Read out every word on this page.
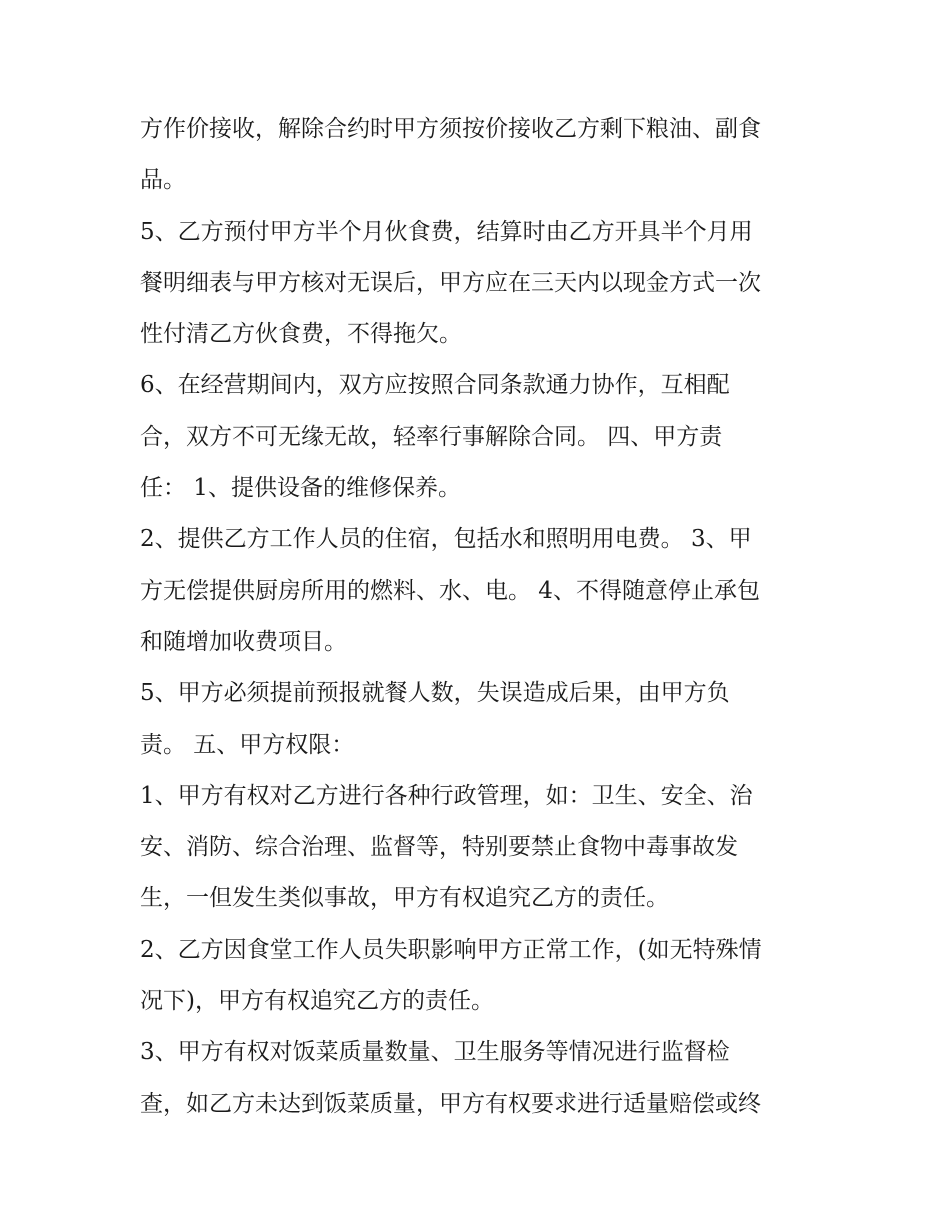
方作价接收，解除合约时甲方须按价接收乙方剩下粮油、副食
品。
5、乙方预付甲方半个月伙食费，结算时由乙方开具半个月用
餐明细表与甲方核对无误后，甲方应在三天内以现金方式一次
性付清乙方伙食费，不得拖欠。
6、在经营期间内，双方应按照合同条款通力协作，互相配
合，双方不可无缘无故，轻率行事解除合同。 四、甲方责
任： 1、提供设备的维修保养。
2、提供乙方工作人员的住宿，包括水和照明用电费。 3、甲
方无偿提供厨房所用的燃料、水、电。 4、不得随意停止承包
和随增加收费项目。
5、甲方必须提前预报就餐人数，失误造成后果，由甲方负
责。 五、甲方权限：
1、甲方有权对乙方进行各种行政管理，如：卫生、安全、治
安、消防、综合治理、监督等，特别要禁止食物中毒事故发
生，一但发生类似事故，甲方有权追究乙方的责任。
2、乙方因食堂工作人员失职影响甲方正常工作，(如无特殊情
况下)，甲方有权追究乙方的责任。
3、甲方有权对饭菜质量数量、卫生服务等情况进行监督检
查，如乙方未达到饭菜质量，甲方有权要求进行适量赔偿或终
